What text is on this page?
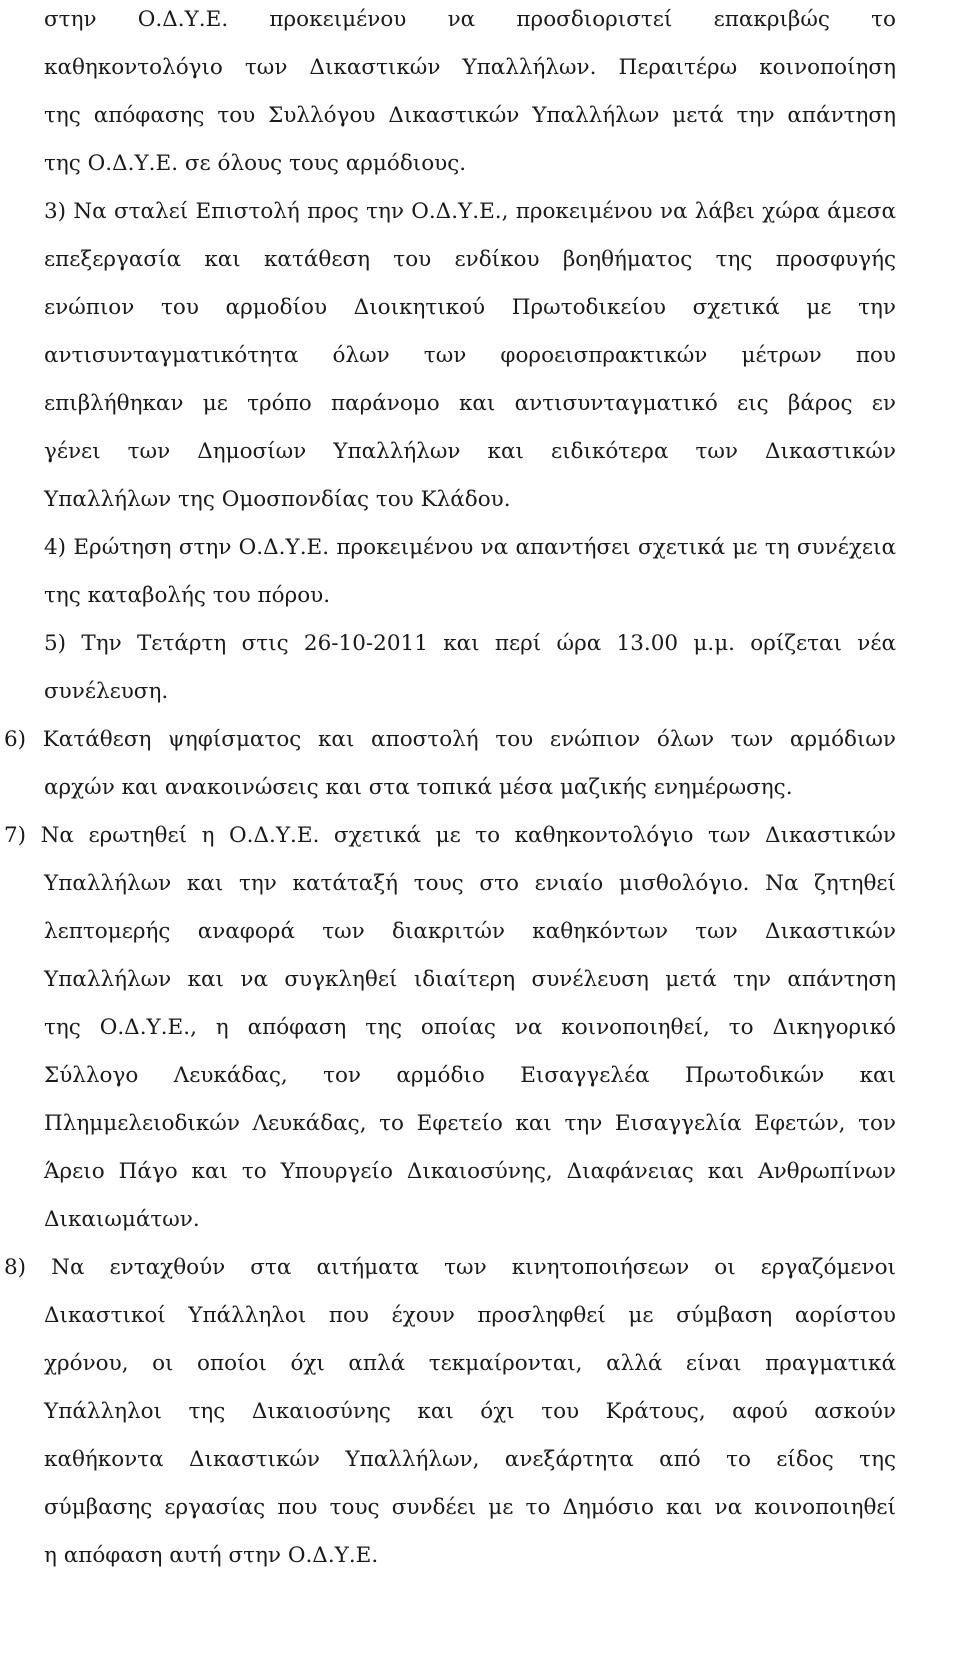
στην Ο.Δ.Υ.Ε. προκειμένου να προσδιοριστεί επακριβώς το
καθηκοντολόγιο των Δικαστικών Υπαλλήλων. Περαιτέρω κοινοποίηση
της απόφασης του Συλλόγου Δικαστικών Υπαλλήλων μετά την απάντηση
της Ο.Δ.Υ.Ε. σε όλους τους αρμόδιους.
3) Να σταλεί Επιστολή προς την Ο.Δ.Υ.Ε., προκειμένου να λάβει χώρα άμεσα
επεξεργασία και κατάθεση του ενδίκου βοηθήματος της προσφυγής
ενώπιον του αρμοδίου Διοικητικού Πρωτοδικείου σχετικά με την
αντισυνταγματικότητα όλων των φοροεισπρακτικών μέτρων που
επιβλήθηκαν με τρόπο παράνομο και αντισυνταγματικό εις βάρος εν
γένει των Δημοσίων Υπαλλήλων και ειδικότερα των Δικαστικών
Υπαλλήλων της Ομοσπονδίας του Κλάδου.
4) Ερώτηση στην Ο.Δ.Υ.Ε. προκειμένου να απαντήσει σχετικά με τη συνέχεια
της καταβολής του πόρου.
5) Την Τετάρτη στις 26-10-2011 και περί ώρα 13.00 μ.μ. ορίζεται νέα
συνέλευση.
6) Κατάθεση ψηφίσματος και αποστολή του ενώπιον όλων των αρμόδιων
αρχών και ανακοινώσεις και στα τοπικά μέσα μαζικής ενημέρωσης.
7) Να ερωτηθεί η Ο.Δ.Υ.Ε. σχετικά με το καθηκοντολόγιο των Δικαστικών
Υπαλλήλων και την κατάταξή τους στο ενιαίο μισθολόγιο. Να ζητηθεί
λεπτομερής αναφορά των διακριτών καθηκόντων των Δικαστικών
Υπαλλήλων και να συγκληθεί ιδιαίτερη συνέλευση μετά την απάντηση
της Ο.Δ.Υ.Ε., η απόφαση της οποίας να κοινοποιηθεί, το Δικηγορικό
Σύλλογο Λευκάδας, τον αρμόδιο Εισαγγελέα Πρωτοδικών και
Πλημμελειοδικών Λευκάδας, το Εφετείο και την Εισαγγελία Εφετών, τον
Άρειο Πάγο και το Υπουργείο Δικαιοσύνης, Διαφάνειας και Ανθρωπίνων
Δικαιωμάτων.
8) Να ενταχθούν στα αιτήματα των κινητοποιήσεων οι εργαζόμενοι
Δικαστικοί Υπάλληλοι που έχουν προσληφθεί με σύμβαση αορίστου
χρόνου, οι οποίοι όχι απλά τεκμαίρονται, αλλά είναι πραγματικά
Υπάλληλοι της Δικαιοσύνης και όχι του Κράτους, αφού ασκούν
καθήκοντα Δικαστικών Υπαλλήλων, ανεξάρτητα από το είδος της
σύμβασης εργασίας που τους συνδέει με το Δημόσιο και να κοινοποιηθεί
η απόφαση αυτή στην Ο.Δ.Υ.Ε.
